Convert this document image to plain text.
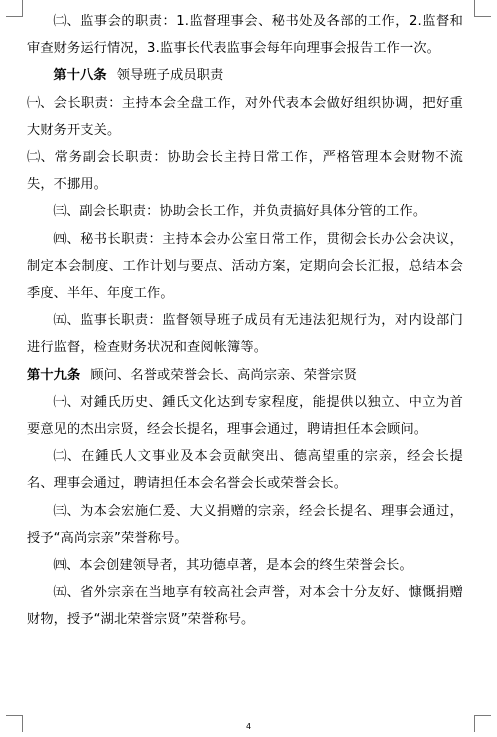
㈡、监事会的职责：1.监督理事会、秘书处及各部的工作，2.监督和审查财务运行情况，3.监事长代表监事会每年向理事会报告工作一次。

第十八条 领导班子成员职责

㈠、会长职责：主持本会全盘工作，对外代表本会做好组织协调，把好重大财务开支关。

㈡、常务副会长职责：协助会长主持日常工作，严格管理本会财物不流失，不挪用。

㈢、副会长职责：协助会长工作，并负责搞好具体分管的工作。

㈣、秘书长职责：主持本会办公室日常工作，贯彻会长办公会决议，制定本会制度、工作计划与要点、活动方案，定期向会长汇报，总结本会季度、半年、年度工作。

㈤、监事长职责：监督领导班子成员有无违法犯规行为，对内设部门进行监督，检查财务状况和查阅帐簿等。

第十九条 顾问、名誉或荣誉会长、高尚宗亲、荣誉宗贤

㈠、对鍾氏历史、鍾氏文化达到专家程度，能提供以独立、中立为首要意见的杰出宗贤，经会长提名，理事会通过，聘请担任本会顾问。

㈡、在鍾氏人文事业及本会贡献突出、德高望重的宗亲，经会长提名、理事会通过，聘请担任本会名誉会长或荣誉会长。

㈢、为本会宏施仁爰、大义捐赠的宗亲，经会长提名、理事会通过，授予“高尚宗亲”荣誉称号。

㈣、本会创建领导者，其功德卓著，是本会的终生荣誉会长。

㈤、省外宗亲在当地享有较高社会声誉，对本会十分友好、慷慨捐赠财物，授予“湖北荣誉宗贤”荣誉称号。

4
